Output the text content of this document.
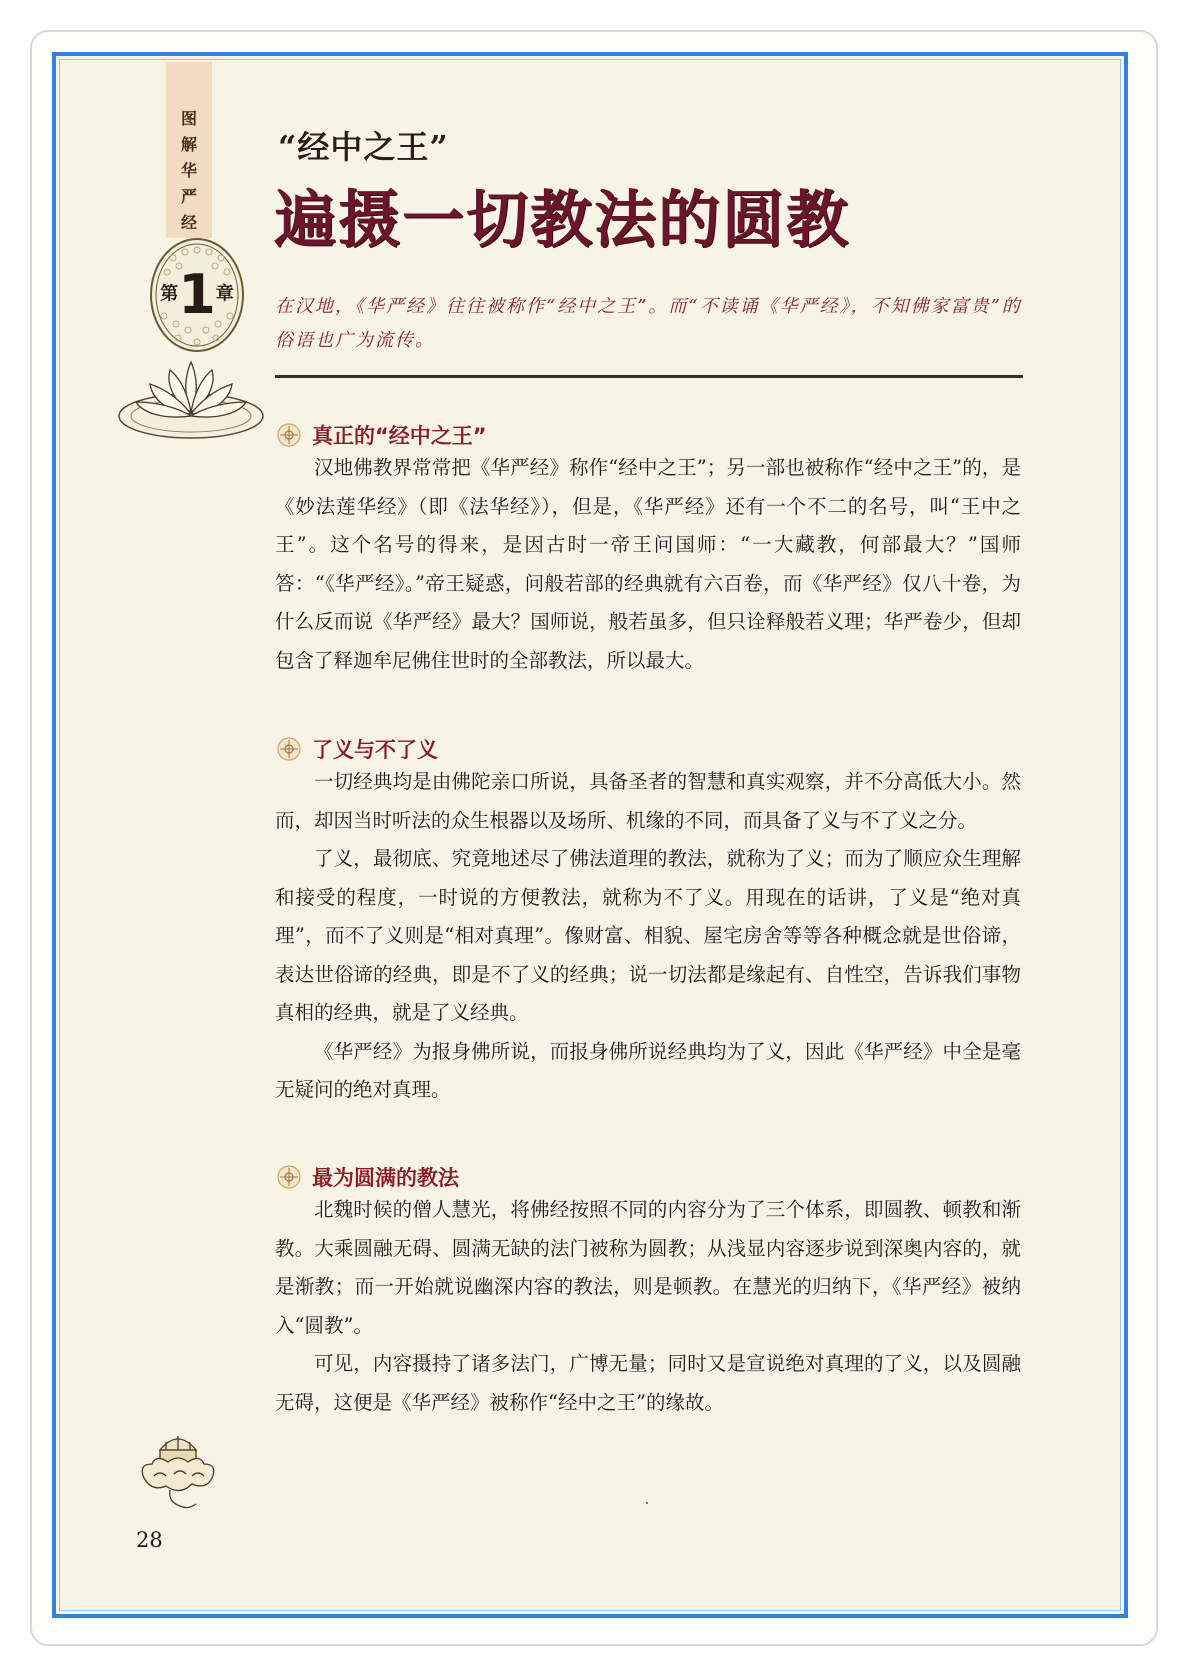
图
解
华
严
经
第1章
“经中之王”
遍摄一切教法的圆教
在汉地，《华严经》往往被称作“经中之王”。而“不读诵《华严经》，不知佛家富贵”的俗语也广为流传。
真正的“经中之王”

汉地佛教界常常把《华严经》称作“经中之王”；另一部也被称作“经中之王”的，是《妙法莲华经》（即《法华经》），但是，《华严经》还有一个不二的名号，叫“王中之王”。这个名号的得来，是因古时一帝王问国师：“一大藏教，何部最大？”国师答：“《华严经》。”帝王疑惑，问般若部的经典就有六百卷，而《华严经》仅八十卷，为什么反而说《华严经》最大？国师说，般若虽多，但只诠释般若义理；华严卷少，但却包含了释迦牟尼佛住世时的全部教法，所以最大。

了义与不了义

一切经典均是由佛陀亲口所说，具备圣者的智慧和真实观察，并不分高低大小。然而，却因当时听法的众生根器以及场所、机缘的不同，而具备了义与不了义之分。

了义，最彻底、究竟地述尽了佛法道理的教法，就称为了义；而为了顺应众生理解和接受的程度，一时说的方便教法，就称为不了义。用现在的话讲，了义是“绝对真理”，而不了义则是“相对真理”。像财富、相貌、屋宅房舍等等各种概念就是世俗谛，表达世俗谛的经典，即是不了义的经典；说一切法都是缘起有、自性空，告诉我们事物真相的经典，就是了义经典。

《华严经》为报身佛所说，而报身佛所说经典均为了义，因此《华严经》中全是毫无疑问的绝对真理。

最为圆满的教法

北魏时候的僧人慧光，将佛经按照不同的内容分为了三个体系，即圆教、顿教和渐教。大乘圆融无碍、圆满无缺的法门被称为圆教；从浅显内容逐步说到深奥内容的，就是渐教；而一开始就说幽深内容的教法，则是顿教。在慧光的归纳下，《华严经》被纳入“圆教”。

可见，内容摄持了诸多法门，广博无量；同时又是宣说绝对真理的了义，以及圆融无碍，这便是《华严经》被称作“经中之王”的缘故。

28
